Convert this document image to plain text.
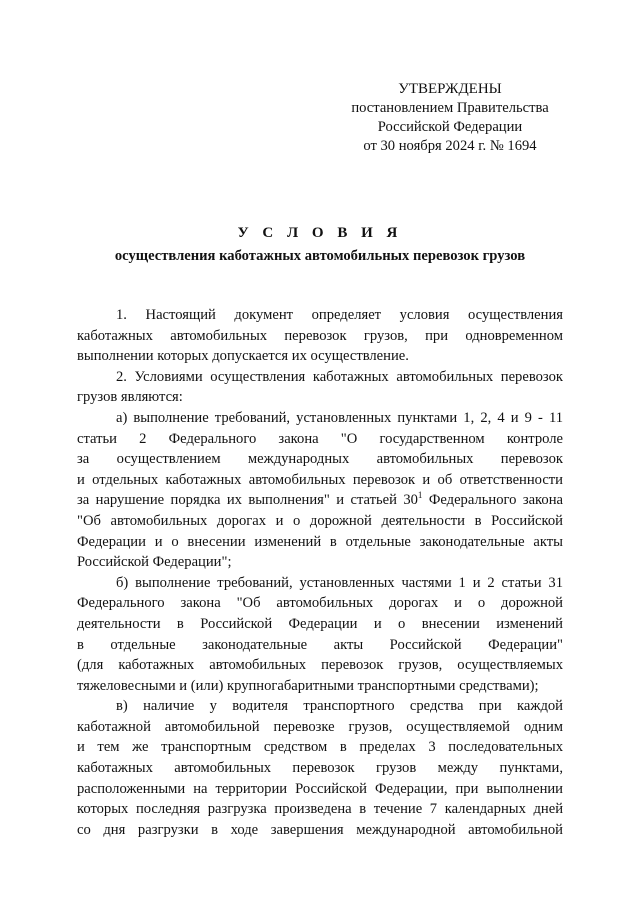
УТВЕРЖДЕНЫ
постановлением Правительства
Российской Федерации
от 30 ноября 2024 г. № 1694
У С Л О В И Я
осуществления каботажных автомобильных перевозок грузов
1. Настоящий документ определяет условия осуществления
каботажных автомобильных перевозок грузов, при одновременном
выполнении которых допускается их осуществление.
2. Условиями осуществления каботажных автомобильных перевозок
грузов являются:
а) выполнение требований, установленных пунктами 1, 2, 4 и 9 - 11
статьи 2 Федерального закона "О государственном контроле
за осуществлением международных автомобильных перевозок
и отдельных каботажных автомобильных перевозок и об ответственности
за нарушение порядка их выполнения" и статьей $30^1$ Федерального закона
"Об автомобильных дорогах и о дорожной деятельности в Российской
Федерации и о внесении изменений в отдельные законодательные акты
Российской Федерации";
б) выполнение требований, установленных частями 1 и 2 статьи 31
Федерального закона "Об автомобильных дорогах и о дорожной
деятельности в Российской Федерации и о внесении изменений
в отдельные законодательные акты Российской Федерации"
(для каботажных автомобильных перевозок грузов, осуществляемых
тяжеловесными и (или) крупногабаритными транспортными средствами);
в) наличие у водителя транспортного средства при каждой
каботажной автомобильной перевозке грузов, осуществляемой одним
и тем же транспортным средством в пределах 3 последовательных
каботажных автомобильных перевозок грузов между пунктами,
расположенными на территории Российской Федерации, при выполнении
которых последняя разгрузка произведена в течение 7 календарных дней
со дня разгрузки в ходе завершения международной автомобильной
